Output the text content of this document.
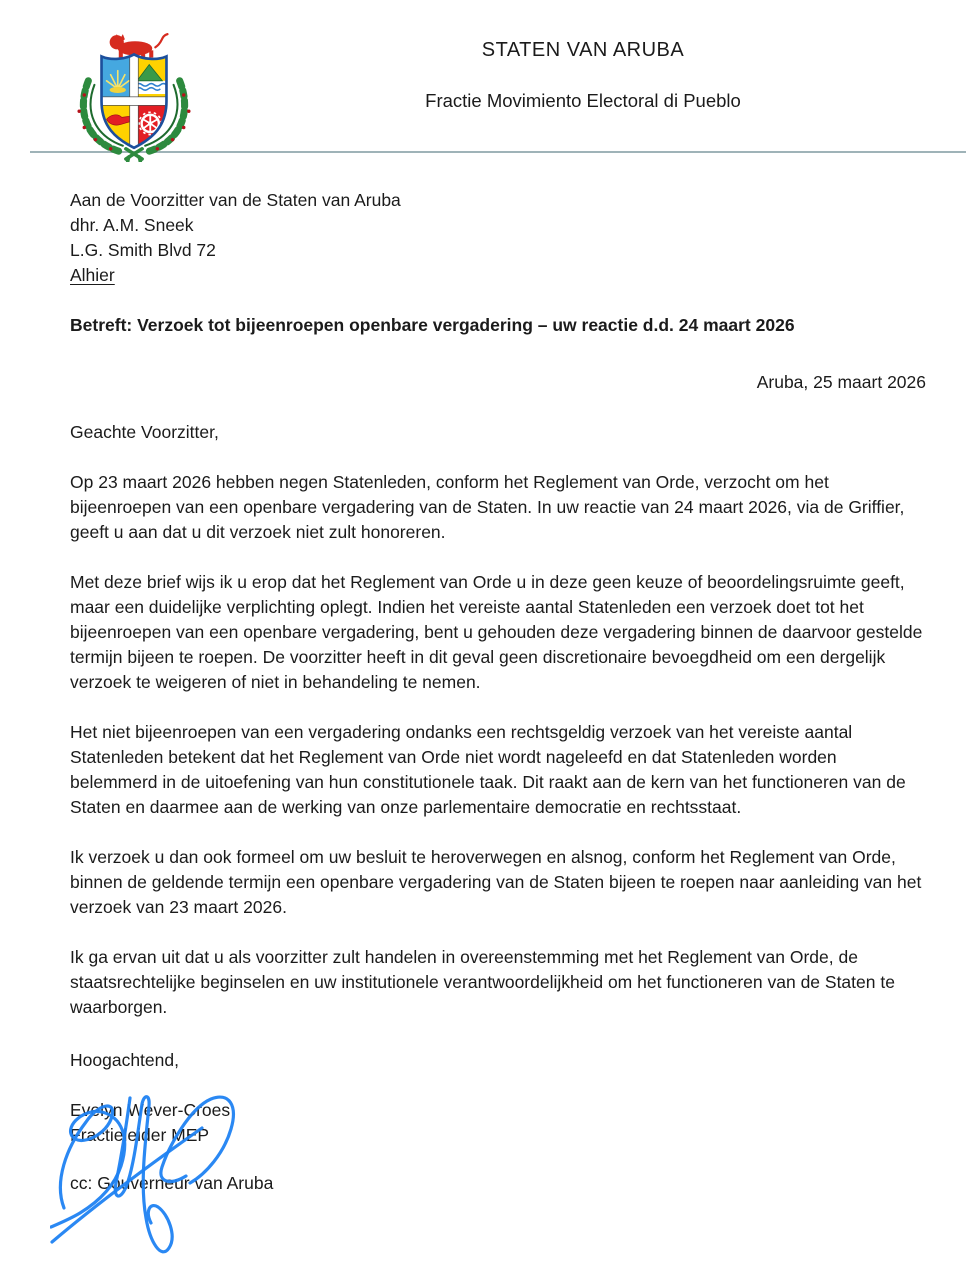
STATEN VAN ARUBA
Fractie Movimiento Electoral di Pueblo
Aan de Voorzitter van de Staten van Aruba
dhr. A.M. Sneek
L.G. Smith Blvd 72
Alhier

Betreft: Verzoek tot bijeenroepen openbare vergadering – uw reactie d.d. 24 maart 2026

Aruba, 25 maart 2026

Geachte Voorzitter,

Op 23 maart 2026 hebben negen Statenleden, conform het Reglement van Orde, verzocht om het bijeenroepen van een openbare vergadering van de Staten. In uw reactie van 24 maart 2026, via de Griffier, geeft u aan dat u dit verzoek niet zult honoreren.

Met deze brief wijs ik u erop dat het Reglement van Orde u in deze geen keuze of beoordelingsruimte geeft, maar een duidelijke verplichting oplegt. Indien het vereiste aantal Statenleden een verzoek doet tot het bijeenroepen van een openbare vergadering, bent u gehouden deze vergadering binnen de daarvoor gestelde termijn bijeen te roepen. De voorzitter heeft in dit geval geen discretionaire bevoegdheid om een dergelijk verzoek te weigeren of niet in behandeling te nemen.

Het niet bijeenroepen van een vergadering ondanks een rechtsgeldig verzoek van het vereiste aantal Statenleden betekent dat het Reglement van Orde niet wordt nageleefd en dat Statenleden worden belemmerd in de uitoefening van hun constitutionele taak. Dit raakt aan de kern van het functioneren van de Staten en daarmee aan de werking van onze parlementaire democratie en rechtsstaat.

Ik verzoek u dan ook formeel om uw besluit te heroverwegen en alsnog, conform het Reglement van Orde, binnen de geldende termijn een openbare vergadering van de Staten bijeen te roepen naar aanleiding van het verzoek van 23 maart 2026.

Ik ga ervan uit dat u als voorzitter zult handelen in overeenstemming met het Reglement van Orde, de staatsrechtelijke beginselen en uw institutionele verantwoordelijkheid om het functioneren van de Staten te waarborgen.

Hoogachtend,

Evelyn Wever-Croes
Fractieleider MEP

cc: Gouverneur van Aruba
